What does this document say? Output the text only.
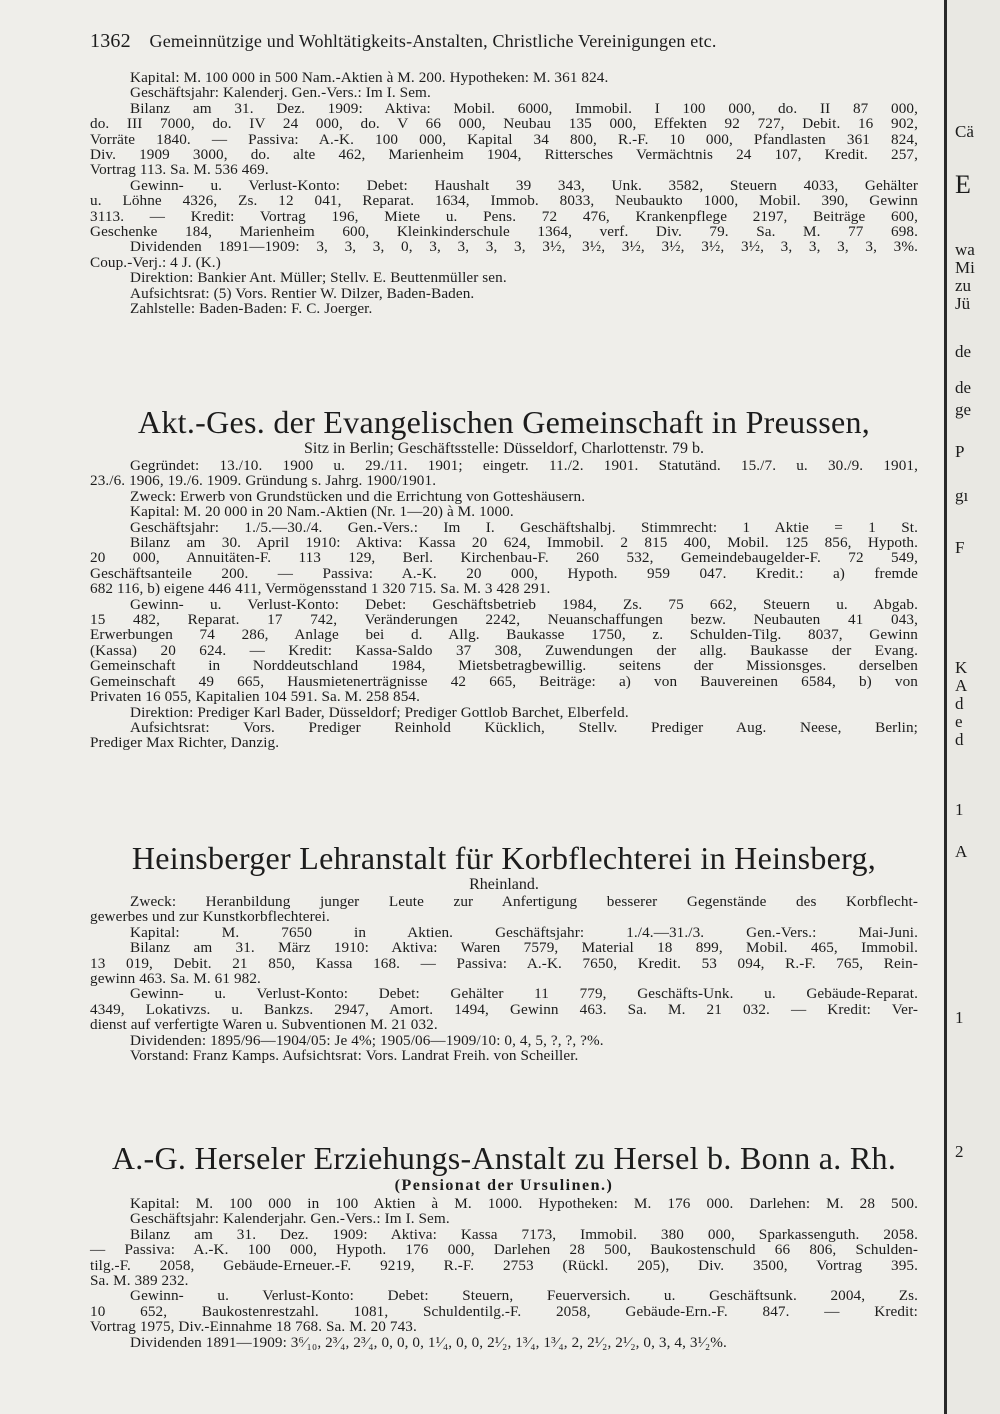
1362 Gemeinnützige und Wohltätigkeits-Anstalten, Christliche Vereinigungen etc.

Kapital: M. 100 000 in 500 Nam.-Aktien à M. 200. Hypotheken: M. 361 824.

Geschäftsjahr: Kalenderj. Gen.-Vers.: Im I. Sem.

Bilanz am 31. Dez. 1909: Aktiva: Mobil. 6000, Immobil. I 100 000, do. II 87 000,

do. III 7000, do. IV 24 000, do. V 66 000, Neubau 135 000, Effekten 92 727, Debit. 16 902,

Vorräte 1840. — Passiva: A.-K. 100 000, Kapital 34 800, R.-F. 10 000, Pfandlasten 361 824,

Div. 1909 3000, do. alte 462, Marienheim 1904, Rittersches Vermächtnis 24 107, Kredit. 257,

Vortrag 113. Sa. M. 536 469.

Gewinn- u. Verlust-Konto: Debet: Haushalt 39 343, Unk. 3582, Steuern 4033, Gehälter

u. Löhne 4326, Zs. 12 041, Reparat. 1634, Immob. 8033, Neubaukto 1000, Mobil. 390, Gewinn

3113. — Kredit: Vortrag 196, Miete u. Pens. 72 476, Krankenpflege 2197, Beiträge 600,

Geschenke 184, Marienheim 600, Kleinkinderschule 1364, verf. Div. 79. Sa. M. 77 698.

Dividenden 1891—1909: 3, 3, 3, 0, 3, 3, 3, 3, 3½, 3½, 3½, 3½, 3½, 3½, 3, 3, 3, 3, 3%.

Coup.-Verj.: 4 J. (K.)

Direktion: Bankier Ant. Müller; Stellv. E. Beuttenmüller sen.

Aufsichtsrat: (5) Vors. Rentier W. Dilzer, Baden-Baden.

Zahlstelle: Baden-Baden: F. C. Joerger.

Akt.-Ges. der Evangelischen Gemeinschaft in Preussen,
Sitz in Berlin; Geschäftsstelle: Düsseldorf, Charlottenstr. 79 b.

Gegründet: 13./10. 1900 u. 29./11. 1901; eingetr. 11./2. 1901. Statutänd. 15./7. u. 30./9. 1901,

23./6. 1906, 19./6. 1909. Gründung s. Jahrg. 1900/1901.

Zweck: Erwerb von Grundstücken und die Errichtung von Gotteshäusern.

Kapital: M. 20 000 in 20 Nam.-Aktien (Nr. 1—20) à M. 1000.

Geschäftsjahr: 1./5.—30./4. Gen.-Vers.: Im I. Geschäftshalbj. Stimmrecht: 1 Aktie = 1 St.

Bilanz am 30. April 1910: Aktiva: Kassa 20 624, Immobil. 2 815 400, Mobil. 125 856, Hypoth.

20 000, Annuitäten-F. 113 129, Berl. Kirchenbau-F. 260 532, Gemeindebaugelder-F. 72 549,

Geschäftsanteile 200. — Passiva: A.-K. 20 000, Hypoth. 959 047. Kredit.: a) fremde

682 116, b) eigene 446 411, Vermögensstand 1 320 715. Sa. M. 3 428 291.

Gewinn- u. Verlust-Konto: Debet: Geschäftsbetrieb 1984, Zs. 75 662, Steuern u. Abgab.

15 482, Reparat. 17 742, Veränderungen 2242, Neuanschaffungen bezw. Neubauten 41 043,

Erwerbungen 74 286, Anlage bei d. Allg. Baukasse 1750, z. Schulden-Tilg. 8037, Gewinn

(Kassa) 20 624. — Kredit: Kassa-Saldo 37 308, Zuwendungen der allg. Baukasse der Evang.

Gemeinschaft in Norddeutschland 1984, Mietsbetragbewillig. seitens der Missionsges. derselben

Gemeinschaft 49 665, Hausmietenerträgnisse 42 665, Beiträge: a) von Bauvereinen 6584, b) von

Privaten 16 055, Kapitalien 104 591. Sa. M. 258 854.

Direktion: Prediger Karl Bader, Düsseldorf; Prediger Gottlob Barchet, Elberfeld.

Aufsichtsrat: Vors. Prediger Reinhold Kücklich, Stellv. Prediger Aug. Neese, Berlin;

Prediger Max Richter, Danzig.

Heinsberger Lehranstalt für Korbflechterei in Heinsberg,
Rheinland.

Zweck: Heranbildung junger Leute zur Anfertigung besserer Gegenstände des Korbflecht-

gewerbes und zur Kunstkorbflechterei.

Kapital: M. 7650 in Aktien. Geschäftsjahr: 1./4.—31./3. Gen.-Vers.: Mai-Juni.

Bilanz am 31. März 1910: Aktiva: Waren 7579, Material 18 899, Mobil. 465, Immobil.

13 019, Debit. 21 850, Kassa 168. — Passiva: A.-K. 7650, Kredit. 53 094, R.-F. 765, Rein-

gewinn 463. Sa. M. 61 982.

Gewinn- u. Verlust-Konto: Debet: Gehälter 11 779, Geschäfts-Unk. u. Gebäude-Reparat.

4349, Lokativzs. u. Bankzs. 2947, Amort. 1494, Gewinn 463. Sa. M. 21 032. — Kredit: Ver-

dienst auf verfertigte Waren u. Subventionen M. 21 032.

Dividenden: 1895/96—1904/05: Je 4%; 1905/06—1909/10: 0, 4, 5, ?, ?, ?%.

Vorstand: Franz Kamps. Aufsichtsrat: Vors. Landrat Freih. von Scheiller.

A.-G. Herseler Erziehungs-Anstalt zu Hersel b. Bonn a. Rh.
(Pensionat der Ursulinen.)

Kapital: M. 100 000 in 100 Aktien à M. 1000. Hypotheken: M. 176 000. Darlehen: M. 28 500.

Geschäftsjahr: Kalenderjahr. Gen.-Vers.: Im I. Sem.

Bilanz am 31. Dez. 1909: Aktiva: Kassa 7173, Immobil. 380 000, Sparkassenguth. 2058.

— Passiva: A.-K. 100 000, Hypoth. 176 000, Darlehen 28 500, Baukostenschuld 66 806, Schulden-

tilg.-F. 2058, Gebäude-Erneuer.-F. 9219, R.-F. 2753 (Rückl. 205), Div. 3500, Vortrag 395.

Sa. M. 389 232.

Gewinn- u. Verlust-Konto: Debet: Steuern, Feuerversich. u. Geschäftsunk. 2004, Zs.

10 652, Baukostenrestzahl. 1081, Schuldentilg.-F. 2058, Gebäude-Ern.-F. 847. — Kredit:

Vortrag 1975, Div.-Einnahme 18 768. Sa. M. 20 743.

Dividenden 1891—1909: 3⁶⁄₁₀, 2³⁄₄, 2³⁄₄, 0, 0, 0, 1¹⁄₄, 0, 0, 2¹⁄₂, 1³⁄₄, 1³⁄₄, 2, 2¹⁄₂, 2¹⁄₂, 0, 3, 4, 3¹⁄₂%.

Cä
E
wa
Mi
zu
Jü
de
de
ge
P
gı
F
K
A
d
e
d
1
A
1
2
